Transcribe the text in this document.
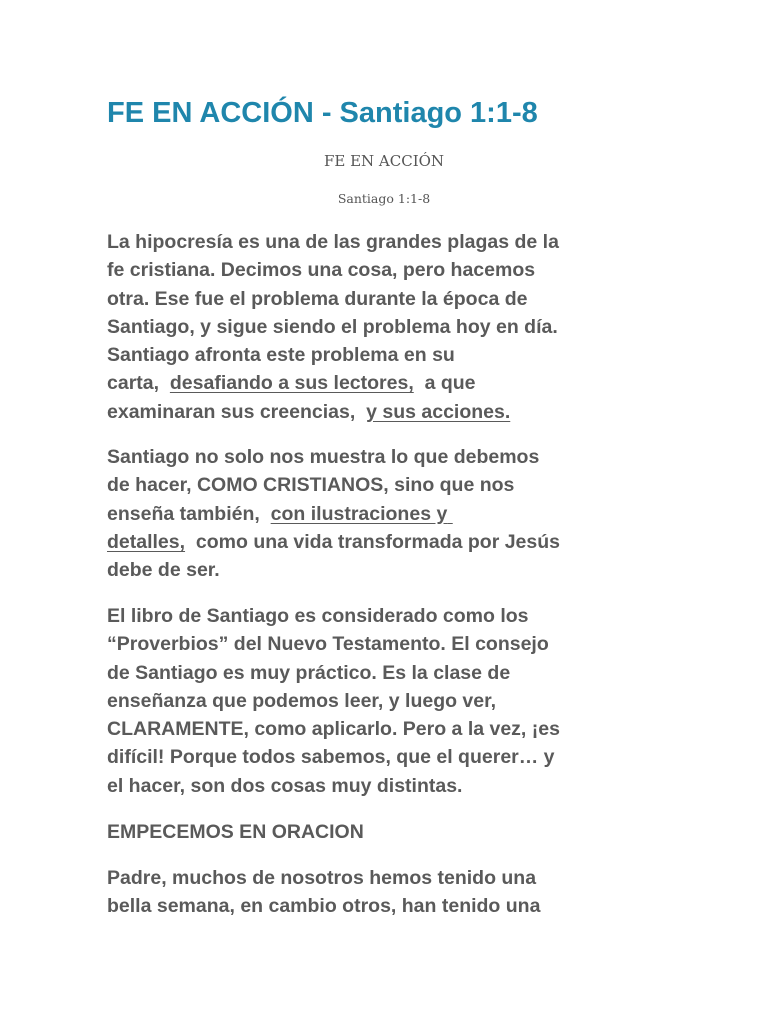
FE EN ACCIÓN - Santiago 1:1-8

FE EN ACCIÓN

Santiago 1:1-8

La hipocresía es una de las grandes plagas de la
fe cristiana. Decimos una cosa, pero hacemos
otra. Ese fue el problema durante la época de
Santiago, y sigue siendo el problema hoy en día.
Santiago afronta este problema en su
carta, desafiando a sus lectores, a que
examinaran sus creencias, y sus acciones.

Santiago no solo nos muestra lo que debemos
de hacer, COMO CRISTIANOS, sino que nos
enseña también, con ilustraciones y
detalles, como una vida transformada por Jesús
debe de ser.

El libro de Santiago es considerado como los
“Proverbios” del Nuevo Testamento. El consejo
de Santiago es muy práctico. Es la clase de
enseñanza que podemos leer, y luego ver,
CLARAMENTE, como aplicarlo. Pero a la vez, ¡es
difícil! Porque todos sabemos, que el querer… y
el hacer, son dos cosas muy distintas.

EMPECEMOS EN ORACION

Padre, muchos de nosotros hemos tenido una
bella semana, en cambio otros, han tenido una
